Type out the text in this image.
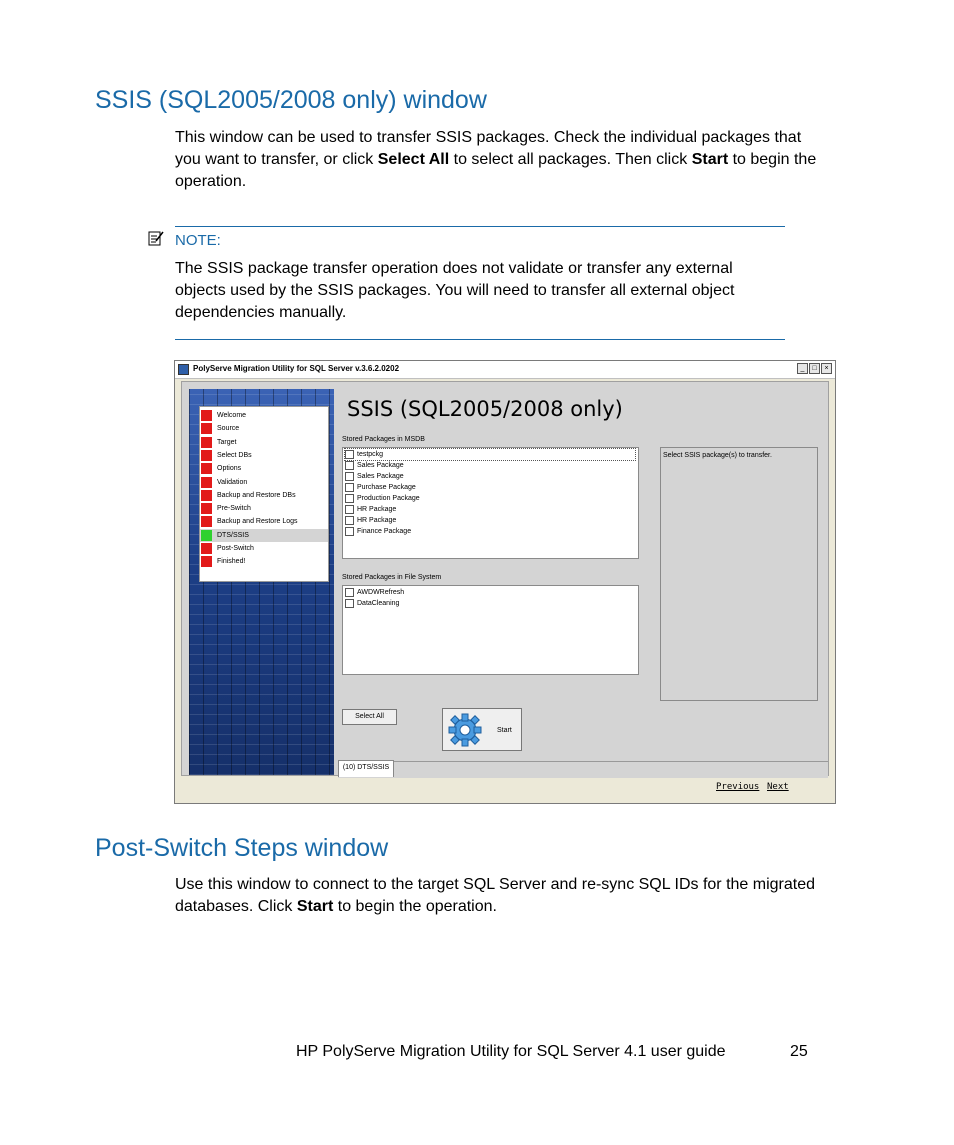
SSIS (SQL2005/2008 only) window
This window can be used to transfer SSIS packages. Check the individual packages that you want to transfer, or click Select All to select all packages. Then click Start to begin the operation.
NOTE:
The SSIS package transfer operation does not validate or transfer any external objects used by the SSIS packages. You will need to transfer all external object dependencies manually.
PolyServe Migration Utility for SQL Server v.3.6.2.0202	_	□	×
Welcome
Source
Target
Select DBs
Options
Validation
Backup and Restore DBs
Pre-Switch
Backup and Restore Logs
DTS/SSIS
Post-Switch
Finished!
SSIS (SQL2005/2008 only)
Stored Packages in MSDB
testpckg
Sales Package
Sales Package
Purchase Package
Production Package
HR Package
HR Package
Finance Package
Stored Packages in File System
AWDWRefresh
DataCleaning
Select SSIS package(s) to transfer.
Select All
Start
(10) DTS/SSIS
Previous Next
Post-Switch Steps window
Use this window to connect to the target SQL Server and re-sync SQL IDs for the migrated databases. Click Start to begin the operation.
HP PolyServe Migration Utility for SQL Server 4.1 user guide	25
